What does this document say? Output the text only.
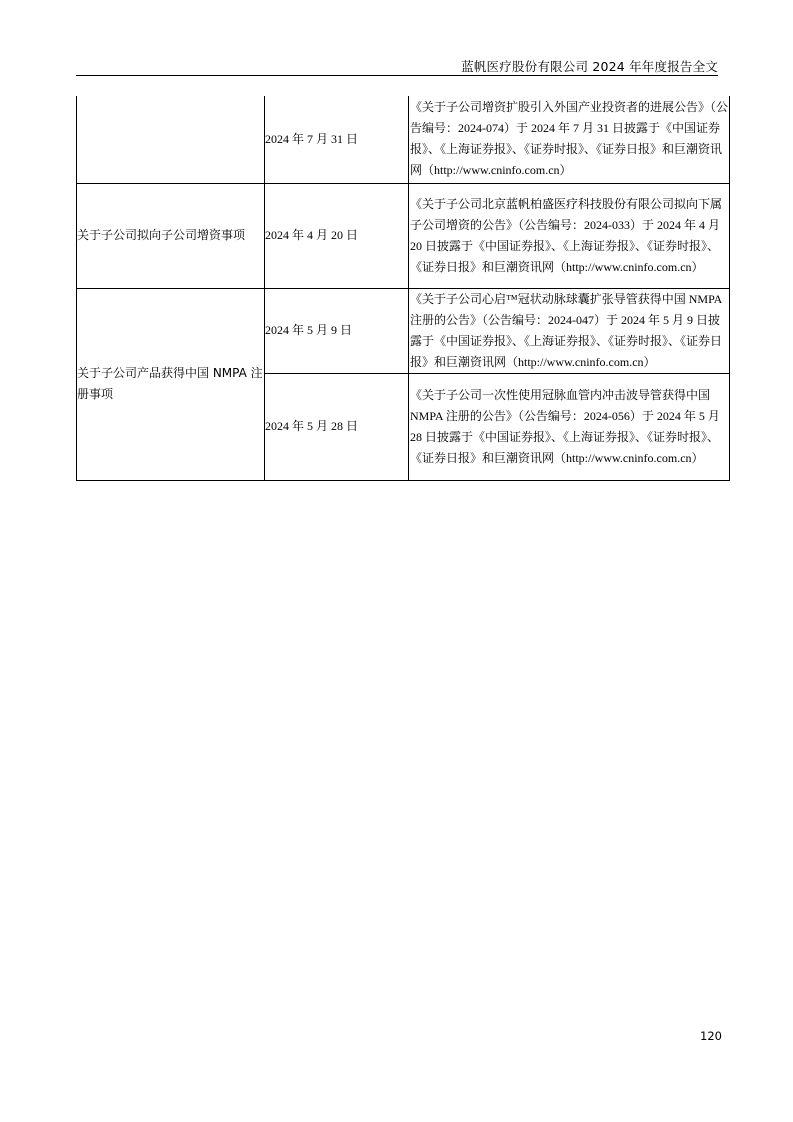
蓝帆医疗股份有限公司 2024 年年度报告全文
	2024 年 7 月 31 日	《关于子公司增资扩股引入外国产业投资者的进展公告》（公告编号：2024-074）于 2024 年 7 月 31 日披露于《中国证券报》、《上海证券报》、《证券时报》、《证券日报》和巨潮资讯网（http://www.cninfo.com.cn）
关于子公司拟向子公司增资事项	2024 年 4 月 20 日	《关于子公司北京蓝帆柏盛医疗科技股份有限公司拟向下属子公司增资的公告》（公告编号：2024-033）于 2024 年 4 月 20 日披露于《中国证券报》、《上海证券报》、《证券时报》、《证券日报》和巨潮资讯网（http://www.cninfo.com.cn）
关于子公司产品获得中国 NMPA 注册事项	2024 年 5 月 9 日	《关于子公司心启™冠状动脉球囊扩张导管获得中国 NMPA 注册的公告》（公告编号：2024-047）于 2024 年 5 月 9 日披露于《中国证券报》、《上海证券报》、《证券时报》、《证券日报》和巨潮资讯网（http://www.cninfo.com.cn）
	2024 年 5 月 28 日	《关于子公司一次性使用冠脉血管内冲击波导管获得中国 NMPA 注册的公告》（公告编号：2024-056）于 2024 年 5 月 28 日披露于《中国证券报》、《上海证券报》、《证券时报》、《证券日报》和巨潮资讯网（http://www.cninfo.com.cn）
120
